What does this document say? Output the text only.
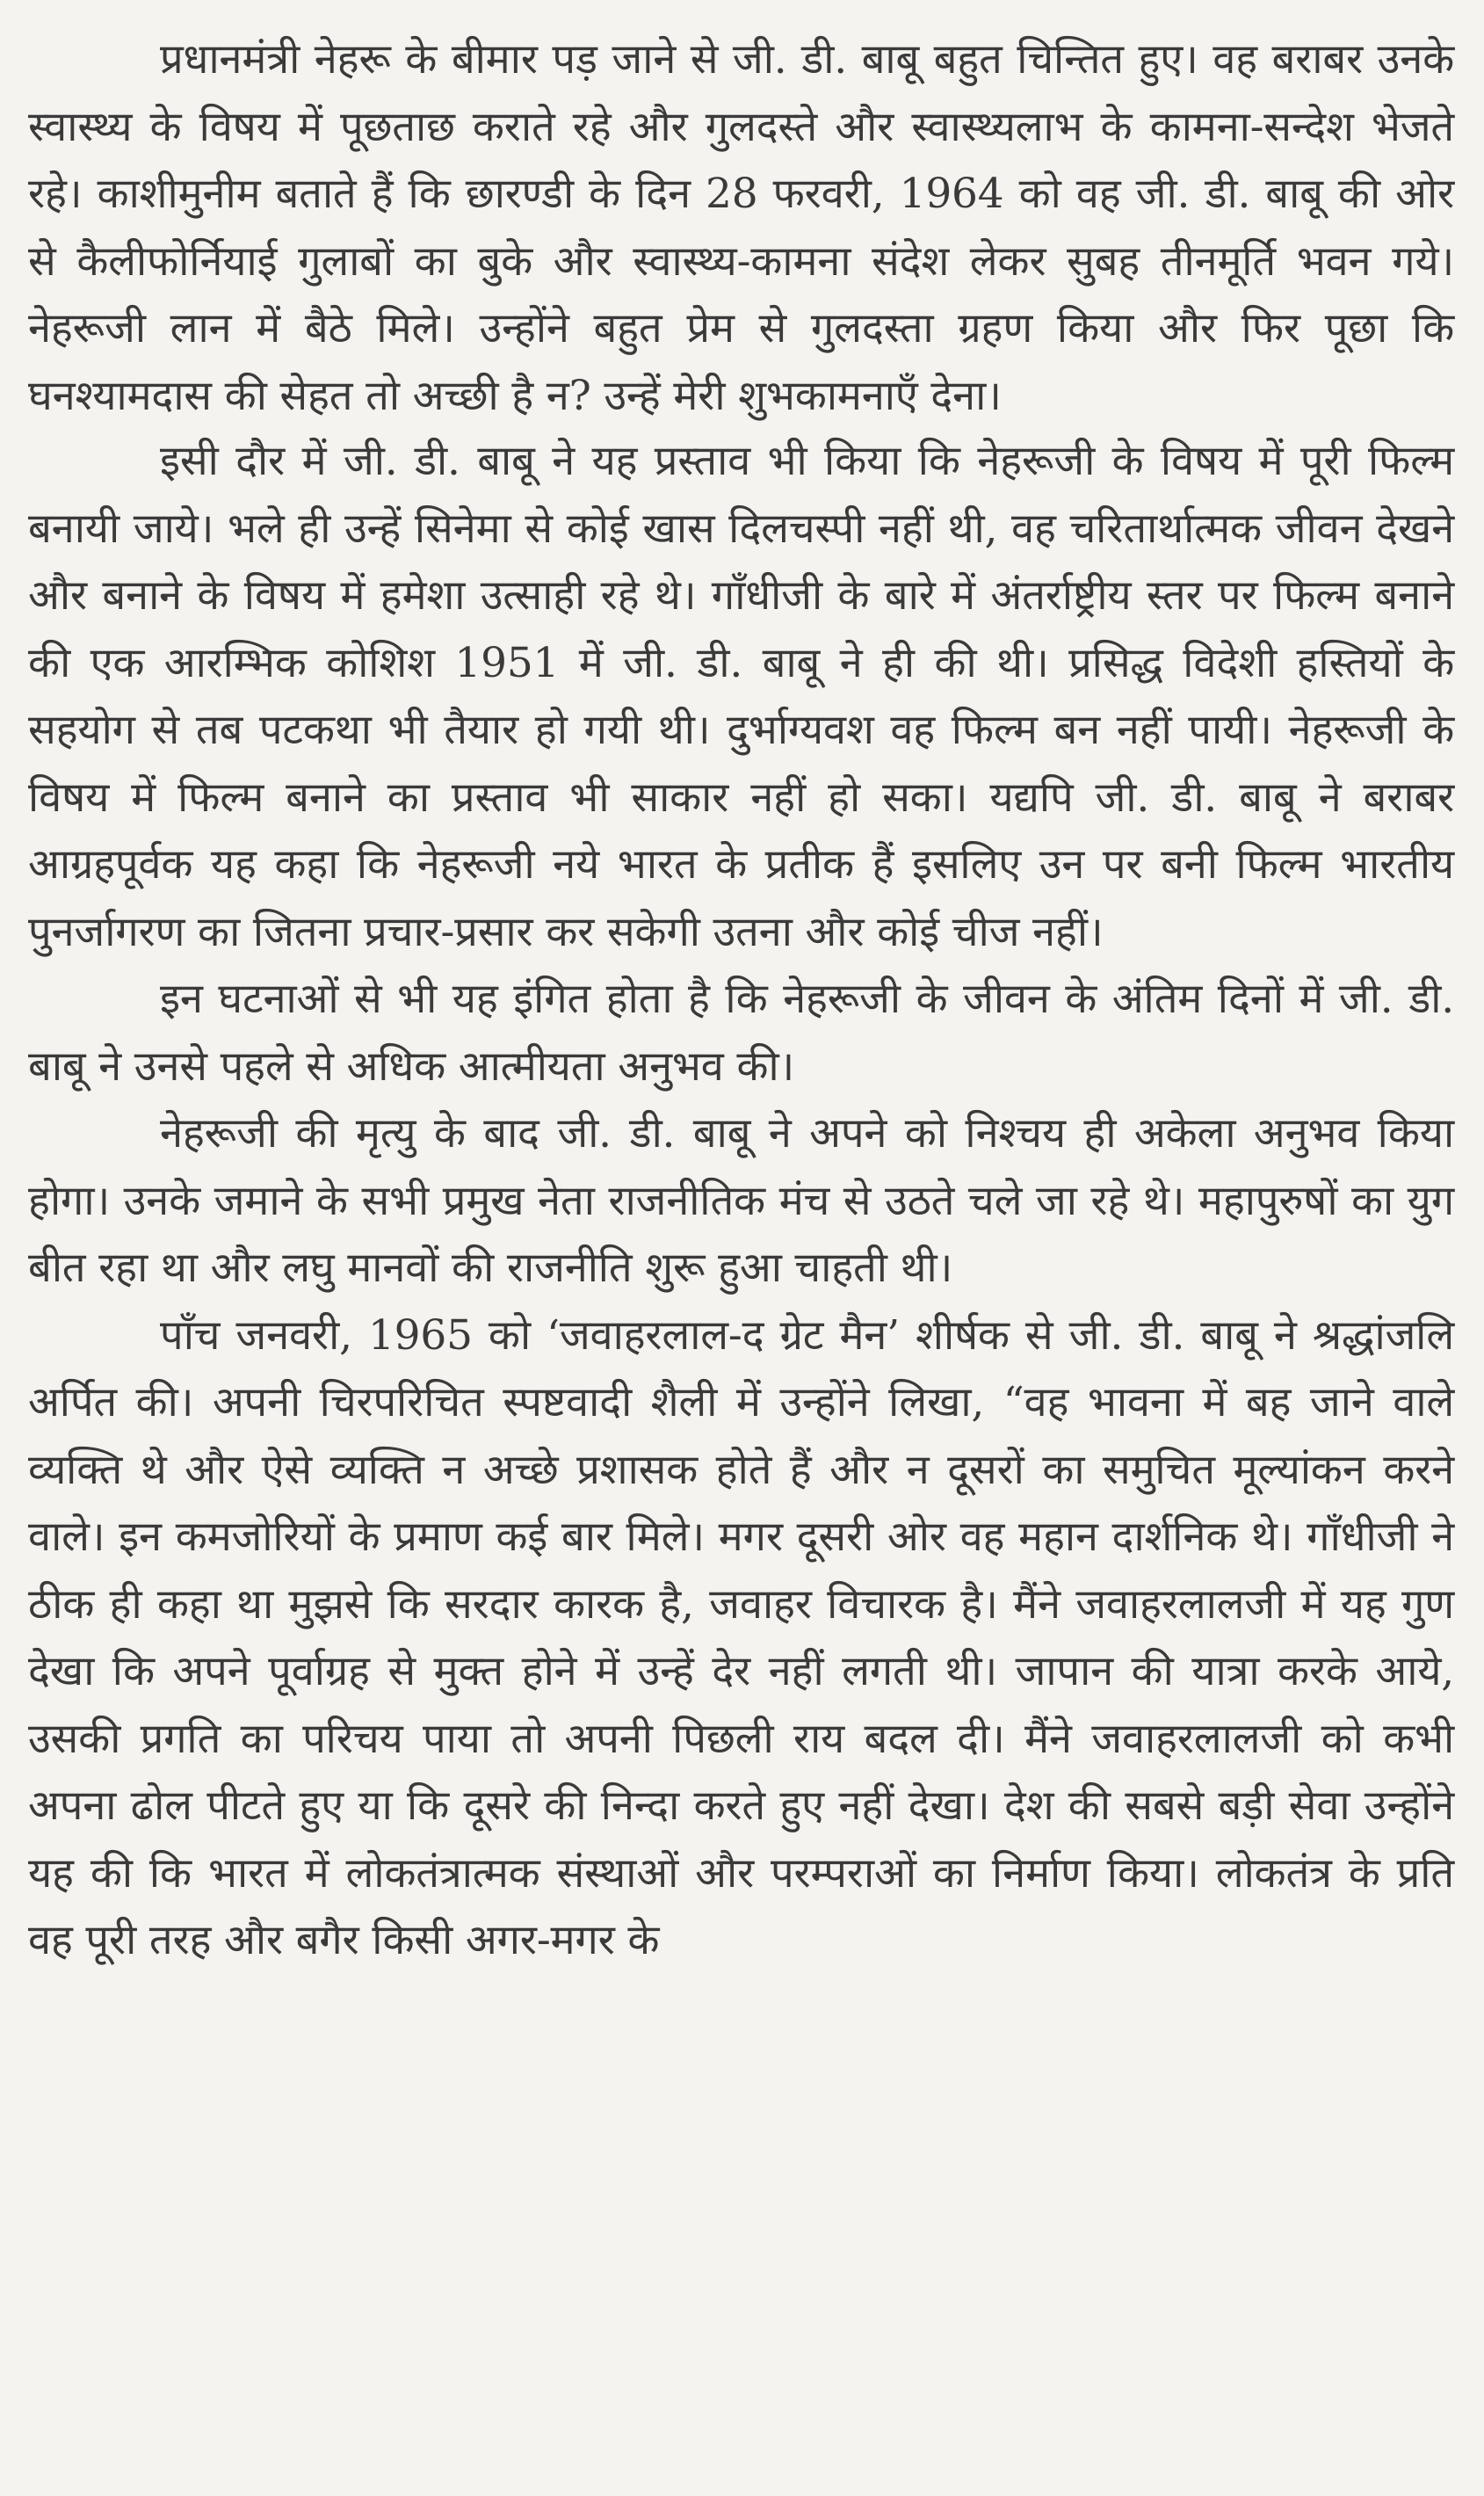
प्रधानमंत्री नेहरू के बीमार पड़ जाने से जी. डी. बाबू बहुत चिन्तित हुए। वह बराबर उनके स्वास्थ्य के विषय में पूछताछ कराते रहे और गुलदस्ते और स्वास्थ्यलाभ के कामना-सन्देश भेजते रहे। काशीमुनीम बताते हैं कि छारण्डी के दिन 28 फरवरी, 1964 को वह जी. डी. बाबू की ओर से कैलीफोर्नियाई गुलाबों का बुके और स्वास्थ्य-कामना संदेश लेकर सुबह तीनमूर्ति भवन गये। नेहरूजी लान में बैठे मिले। उन्होंने बहुत प्रेम से गुलदस्ता ग्रहण किया और फिर पूछा कि घनश्यामदास की सेहत तो अच्छी है न? उन्हें मेरी शुभकामनाएँ देना।

इसी दौर में जी. डी. बाबू ने यह प्रस्ताव भी किया कि नेहरूजी के विषय में पूरी फिल्म बनायी जाये। भले ही उन्हें सिनेमा से कोई खास दिलचस्पी नहीं थी, वह चरितार्थात्मक जीवन देखने और बनाने के विषय में हमेशा उत्साही रहे थे। गाँधीजी के बारे में अंतर्राष्ट्रीय स्तर पर फिल्म बनाने की एक आरम्भिक कोशिश 1951 में जी. डी. बाबू ने ही की थी। प्रसिद्ध विदेशी हस्तियों के सहयोग से तब पटकथा भी तैयार हो गयी थी। दुर्भाग्यवश वह फिल्म बन नहीं पायी। नेहरूजी के विषय में फिल्म बनाने का प्रस्ताव भी साकार नहीं हो सका। यद्यपि जी. डी. बाबू ने बराबर आग्रहपूर्वक यह कहा कि नेहरूजी नये भारत के प्रतीक हैं इसलिए उन पर बनी फिल्म भारतीय पुनर्जागरण का जितना प्रचार-प्रसार कर सकेगी उतना और कोई चीज नहीं।

इन घटनाओं से भी यह इंगित होता है कि नेहरूजी के जीवन के अंतिम दिनों में जी. डी. बाबू ने उनसे पहले से अधिक आत्मीयता अनुभव की।

नेहरूजी की मृत्यु के बाद जी. डी. बाबू ने अपने को निश्चय ही अकेला अनुभव किया होगा। उनके जमाने के सभी प्रमुख नेता राजनीतिक मंच से उठते चले जा रहे थे। महापुरुषों का युग बीत रहा था और लघु मानवों की राजनीति शुरू हुआ चाहती थी।

पाँच जनवरी, 1965 को ‘जवाहरलाल-द ग्रेट मैन’ शीर्षक से जी. डी. बाबू ने श्रद्धांजलि अर्पित की। अपनी चिरपरिचित स्पष्टवादी शैली में उन्होंने लिखा, “वह भावना में बह जाने वाले व्यक्ति थे और ऐसे व्यक्ति न अच्छे प्रशासक होते हैं और न दूसरों का समुचित मूल्यांकन करने वाले। इन कमजोरियों के प्रमाण कई बार मिले। मगर दूसरी ओर वह महान दार्शनिक थे। गाँधीजी ने ठीक ही कहा था मुझसे कि सरदार कारक है, जवाहर विचारक है। मैंने जवाहरलालजी में यह गुण देखा कि अपने पूर्वाग्रह से मुक्त होने में उन्हें देर नहीं लगती थी। जापान की यात्रा करके आये, उसकी प्रगति का परिचय पाया तो अपनी पिछली राय बदल दी। मैंने जवाहरलालजी को कभी अपना ढोल पीटते हुए या कि दूसरे की निन्दा करते हुए नहीं देखा। देश की सबसे बड़ी सेवा उन्होंने यह की कि भारत में लोकतंत्रात्मक संस्थाओं और परम्पराओं का निर्माण किया। लोकतंत्र के प्रति वह पूरी तरह और बगैर किसी अगर-मगर के
